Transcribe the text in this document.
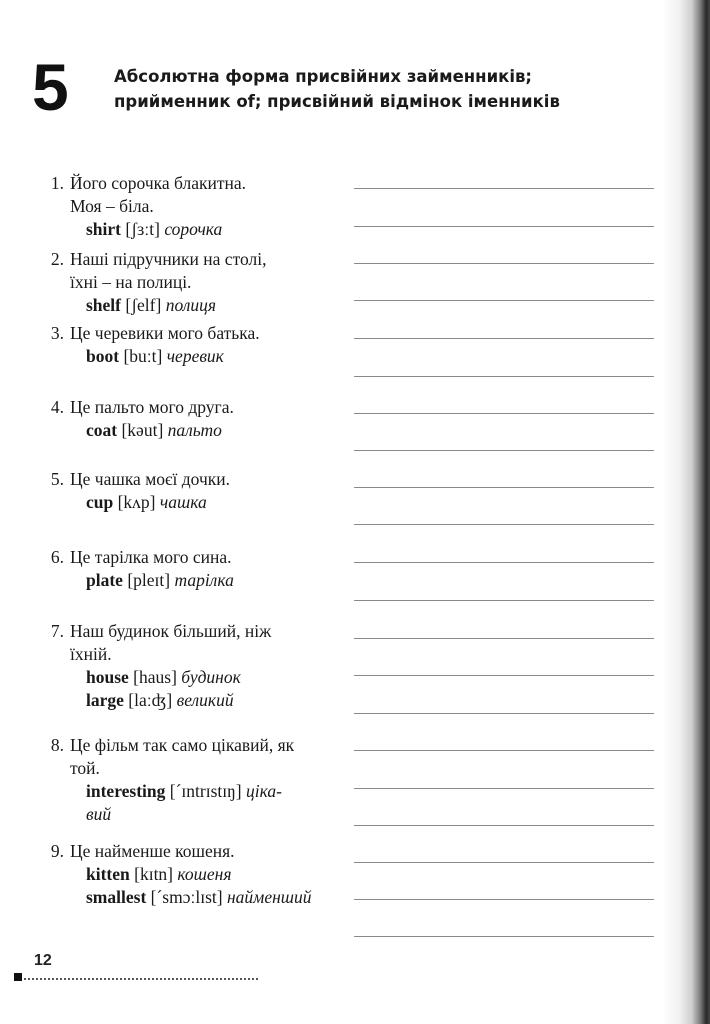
5	Абсолютна форма присвійних займенників;
прийменник of; присвійний відмінок іменників
1. Його сорочка блакитна.
Моя – біла.
shirt [ʃɜːt] сорочка
2. Наші підручники на столі,
їхні – на полиці.
shelf [ʃelf] полиця
3. Це черевики мого батька.
boot [buːt] черевик
4. Це пальто мого друга.
coat [kəut] пальто
5. Це чашка моєї дочки.
cup [kʌp] чашка
6. Це тарілка мого сина.
plate [pleɪt] тарілка
7. Наш будинок більший, ніж
їхній.
house [haus] будинок
large [laːʤ] великий
8. Це фільм так само цікавий, як
той.
interesting [ˊɪntrɪstɪŋ] ціка-
вий
9. Це найменше кошеня.
kitten [kɪtn] кошеня
smallest [ˊsmɔːlɪst] найменший
12
